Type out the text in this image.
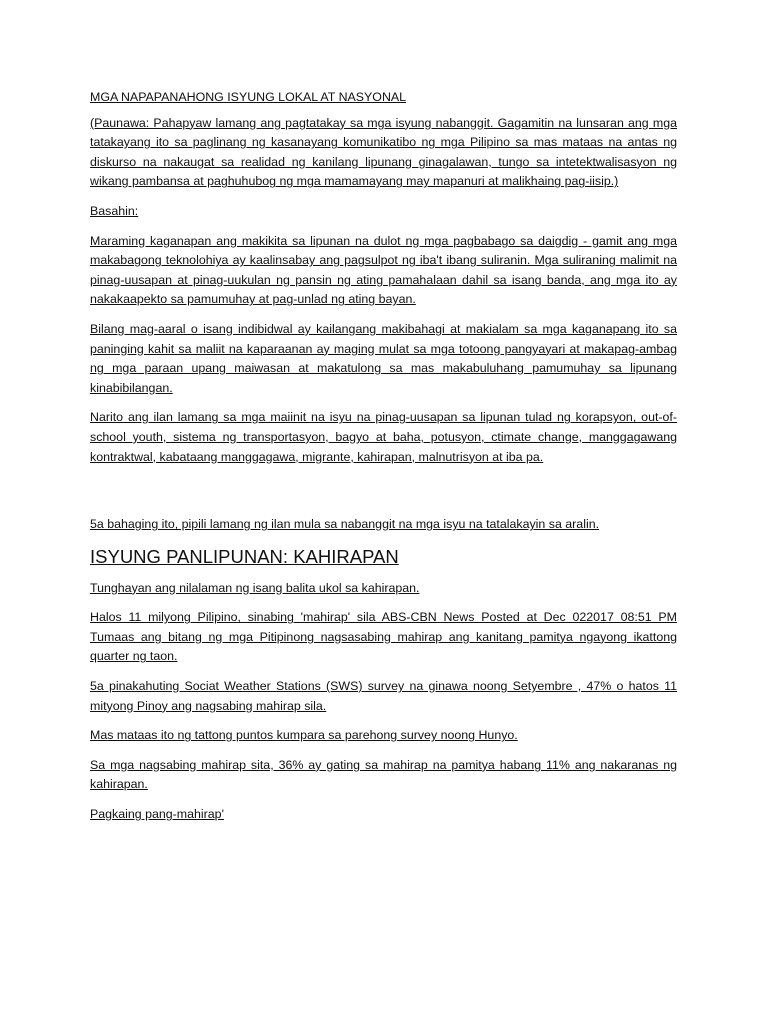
MGA NAPAPANAHONG ISYUNG LOKAL AT NASYONAL

(Paunawa: Pahapyaw lamang ang pagtatakay sa mga isyung nabanggit. Gagamitin na lunsaran ang mga tatakayang ito sa paglinang ng kasanayang komunikatibo ng mga Pilipino sa mas mataas na antas ng diskurso na nakaugat sa realidad ng kanilang lipunang ginagalawan, tungo sa intetektwalisasyon ng wikang pambansa at paghuhubog ng mga mamamayang may mapanuri at malikhaing pag-iisip.)

Basahin:

Maraming kaganapan ang makikita sa lipunan na dulot ng mga pagbabago sa daigdig - gamit ang mga makabagong teknolohiya ay kaalinsabay ang pagsulpot ng iba't ibang suliranin. Mga suliraning malimit na pinag-uusapan at pinag-uukulan ng pansin ng ating pamahalaan dahil sa isang banda, ang mga ito ay nakakaapekto sa pamumuhay at pag-unlad ng ating bayan.

Bilang mag-aaral o isang indibidwal ay kailangang makibahagi at makialam sa mga kaganapang ito sa paninging kahit sa maliit na kaparaanan ay maging mulat sa mga totoong pangyayari at makapag-ambag ng mga paraan upang maiwasan at makatulong sa mas makabuluhang pamumuhay sa lipunang kinabibilangan.

Narito ang ilan lamang sa mga maiinit na isyu na pinag-uusapan sa lipunan tulad ng korapsyon, out-of-school youth, sistema ng transportasyon, bagyo at baha, potusyon, ctimate change, manggagawang kontraktwal, kabataang manggagawa, migrante, kahirapan, malnutrisyon at iba pa.

5a bahaging ito, pipili lamang ng ilan mula sa nabanggit na mga isyu na tatalakayin sa aralin.

ISYUNG PANLIPUNAN: KAHIRAPAN

Tunghayan ang nilalaman ng isang balita ukol sa kahirapan.

Halos 11 milyong Pilipino, sinabing 'mahirap' sila ABS-CBN News Posted at Dec 022017 08:51 PM Tumaas ang bitang ng mga Pitipinong nagsasabing mahirap ang kanitang pamitya ngayong ikattong quarter ng taon.

5a pinakahuting Sociat Weather Stations (SWS) survey na ginawa noong Setyembre , 47% o hatos 11 mityong Pinoy ang nagsabing mahirap sila.

Mas mataas ito ng tattong puntos kumpara sa parehong survey noong Hunyo.

Sa mga nagsabing mahirap sita, 36% ay gating sa mahirap na pamitya habang 11% ang nakaranas ng kahirapan.

Pagkaing pang-mahirap'
